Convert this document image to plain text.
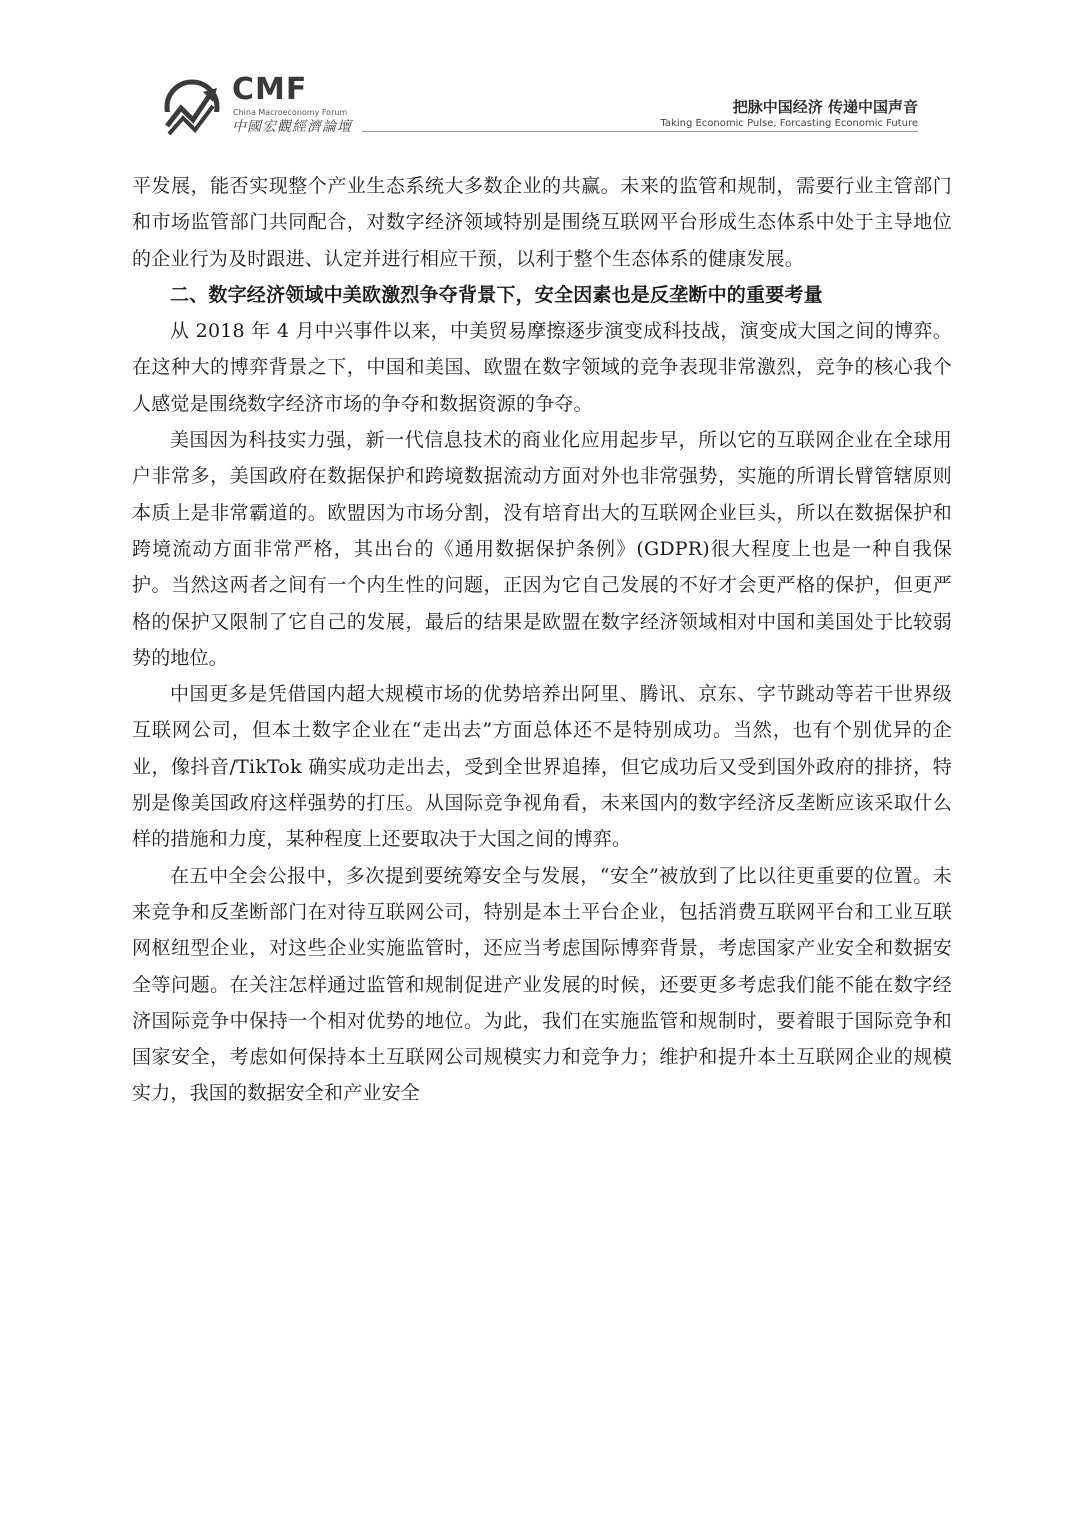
CMF
China Macroeconomy Forum
中國宏觀經濟論壇
把脉中国经济 传递中国声音
Taking Economic Pulse, Forcasting Economic Future

平发展，能否实现整个产业生态系统大多数企业的共赢。未来的监管和规制，需要行业主管部门和市场监管部门共同配合，对数字经济领域特别是围绕互联网平台形成生态体系中处于主导地位的企业行为及时跟进、认定并进行相应干预，以利于整个生态体系的健康发展。

二、数字经济领域中美欧激烈争夺背景下，安全因素也是反垄断中的重要考量

从 2018 年 4 月中兴事件以来，中美贸易摩擦逐步演变成科技战，演变成大国之间的博弈。在这种大的博弈背景之下，中国和美国、欧盟在数字领域的竞争表现非常激烈，竞争的核心我个人感觉是围绕数字经济市场的争夺和数据资源的争夺。

美国因为科技实力强，新一代信息技术的商业化应用起步早，所以它的互联网企业在全球用户非常多，美国政府在数据保护和跨境数据流动方面对外也非常强势，实施的所谓长臂管辖原则本质上是非常霸道的。欧盟因为市场分割，没有培育出大的互联网企业巨头，所以在数据保护和跨境流动方面非常严格，其出台的《通用数据保护条例》(GDPR)很大程度上也是一种自我保护。当然这两者之间有一个内生性的问题，正因为它自己发展的不好才会更严格的保护，但更严格的保护又限制了它自己的发展，最后的结果是欧盟在数字经济领域相对中国和美国处于比较弱势的地位。

中国更多是凭借国内超大规模市场的优势培养出阿里、腾讯、京东、字节跳动等若干世界级互联网公司，但本土数字企业在“走出去”方面总体还不是特别成功。当然，也有个别优异的企业，像抖音/TikTok 确实成功走出去，受到全世界追捧，但它成功后又受到国外政府的排挤，特别是像美国政府这样强势的打压。从国际竞争视角看，未来国内的数字经济反垄断应该采取什么样的措施和力度，某种程度上还要取决于大国之间的博弈。

在五中全会公报中，多次提到要统筹安全与发展，“安全”被放到了比以往更重要的位置。未来竞争和反垄断部门在对待互联网公司，特别是本土平台企业，包括消费互联网平台和工业互联网枢纽型企业，对这些企业实施监管时，还应当考虑国际博弈背景，考虑国家产业安全和数据安全等问题。在关注怎样通过监管和规制促进产业发展的时候，还要更多考虑我们能不能在数字经济国际竞争中保持一个相对优势的地位。为此，我们在实施监管和规制时，要着眼于国际竞争和国家安全，考虑如何保持本土互联网公司规模实力和竞争力；维护和提升本土互联网企业的规模实力，我国的数据安全和产业安全
